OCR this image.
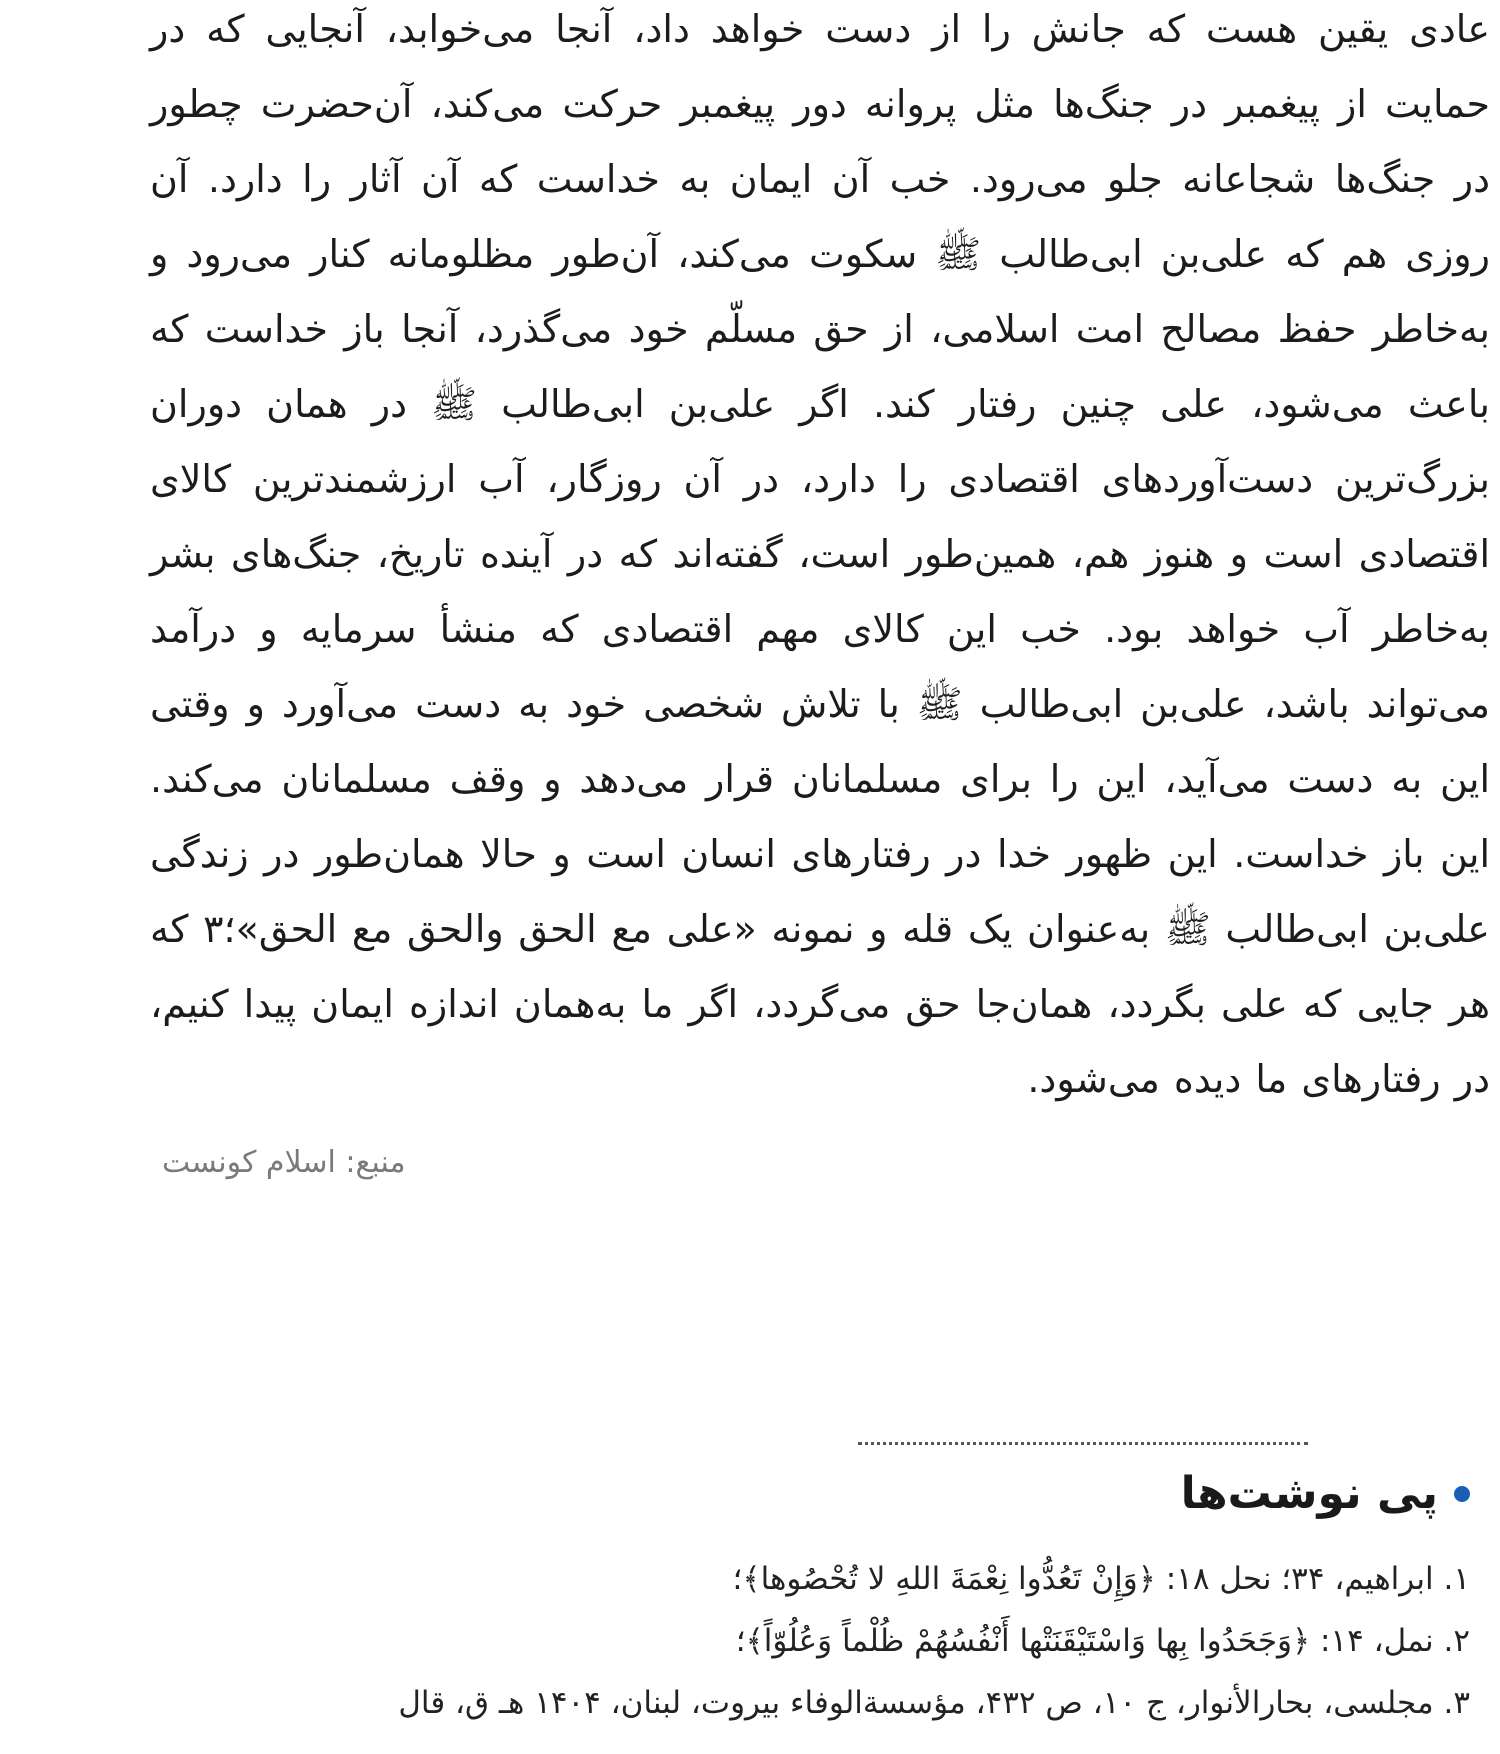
عادی یقین هست که جانش را از دست خواهد داد، آنجا می‌خوابد، آنجایی که در حمایت از پیغمبر در جنگ‌ها مثل پروانه دور پیغمبر حرکت می‌کند، آن‌حضرت چطور در جنگ‌ها شجاعانه جلو می‌رود. خب آن ایمان به خداست که آن آثار را دارد. آن روزی هم که علی‌بن ابی‌طالب ﷺ سکوت می‌کند، آن‌طور مظلومانه کنار می‌رود و به‌خاطر حفظ مصالح امت اسلامی، از حق مسلّم خود می‌گذرد، آنجا باز خداست که باعث می‌شود، علی چنین رفتار کند. اگر علی‌بن ابی‌طالب ﷺ در همان دوران بزرگ‌ترین دست‌آوردهای اقتصادی را دارد، در آن روزگار، آب ارزشمندترین کالای اقتصادی است و هنوز هم، همین‌طور است، گفته‌اند که در آینده تاریخ، جنگ‌های بشر به‌خاطر آب خواهد بود. خب این کالای مهم اقتصادی که منشأ سرمایه و درآمد می‌تواند باشد، علی‌بن ابی‌طالب ﷺ با تلاش شخصی خود به دست می‌آورد و وقتی این به دست می‌آید، این را برای مسلمانان قرار می‌دهد و وقف مسلمانان می‌کند. این باز خداست. این ظهور خدا در رفتارهای انسان است و حالا همان‌طور در زندگی علی‌بن ابی‌طالب ﷺ به‌عنوان یک قله و نمونه «علی مع الحق والحق مع الحق»؛٣ که هر جایی که علی بگردد، همان‌جا حق می‌گردد، اگر ما به‌همان اندازه ایمان پیدا کنیم، در رفتارهای ما دیده می‌شود.

منبع: اسلام کونست
پی نوشت‌ها
١. ابراهیم، ٣۴؛ نحل ١٨: ﴿وَإِنْ تَعُدُّوا نِعْمَةَ اللهِ لا تُحْصُوها﴾؛
٢. نمل، ١۴: ﴿وَجَحَدُوا بِها وَاسْتَيْقَنَتْها أَنْفُسُهُمْ ظُلْماً وَعُلُوّاً﴾؛
٣. مجلسی، بحارالأنوار، ج ١٠، ص ۴٣٢، مؤسسة‌الوفاء بیروت، لبنان، ١۴٠۴ هـ ق، قال
